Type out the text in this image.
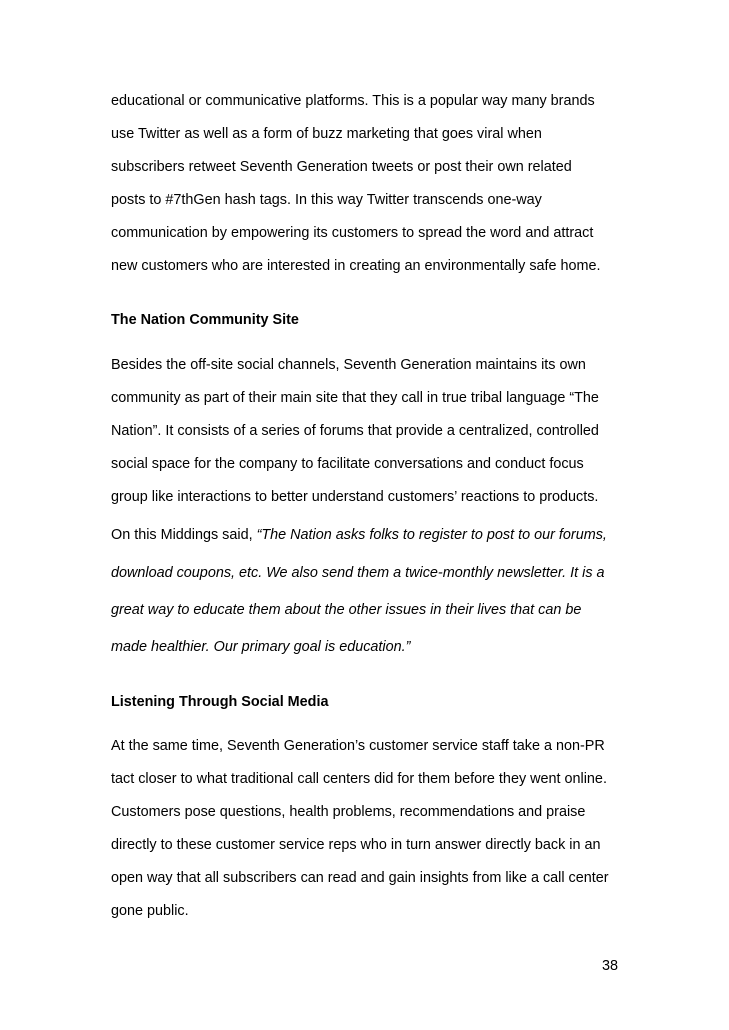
educational or communicative platforms. This is a popular way many brands
use Twitter as well as a form of buzz marketing that goes viral when
subscribers retweet Seventh Generation tweets or post their own related
posts to #7thGen hash tags. In this way Twitter transcends one-way
communication by empowering its customers to spread the word and attract
new customers who are interested in creating an environmentally safe home.
The Nation Community Site
Besides the off-site social channels, Seventh Generation maintains its own
community as part of their main site that they call in true tribal language “The
Nation”. It consists of a series of forums that provide a centralized, controlled
social space for the company to facilitate conversations and conduct focus
group like interactions to better understand customers’ reactions to products.
On this Middings said, “The Nation asks folks to register to post to our forums,
download coupons, etc. We also send them a twice-monthly newsletter. It is a
great way to educate them about the other issues in their lives that can be
made healthier. Our primary goal is education.”
Listening Through Social Media
At the same time, Seventh Generation’s customer service staff take a non-PR
tact closer to what traditional call centers did for them before they went online.
Customers pose questions, health problems, recommendations and praise
directly to these customer service reps who in turn answer directly back in an
open way that all subscribers can read and gain insights from like a call center
gone public.
38
